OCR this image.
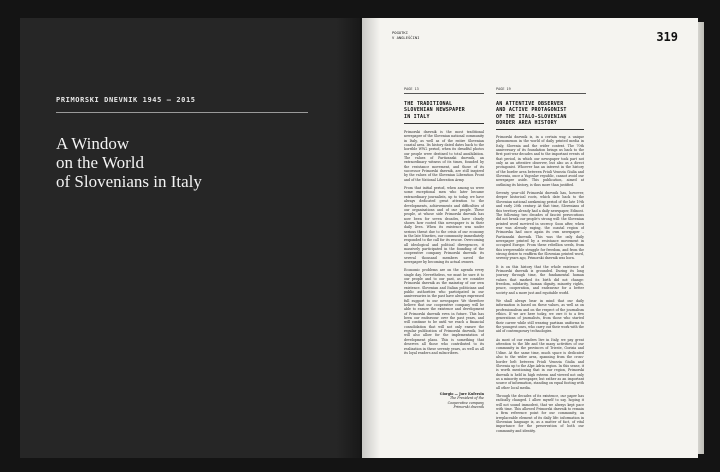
PRIMORSKI DNEVNIK 1945 – 2015
A Window
on the World
of Slovenians in Italy
POGOTKI
V ANGLEŠČINI	319
PAGE 13
THE TRADITIONAL
SLOVENIAN NEWSPAPER
IN ITALY

Primorski dnevnik is the most traditional newspaper of the Slovenian national community in Italy, as well as of the entire Slovenian coastal area. Its history dated dates back to the horrible WW2 period, when its dreadful photos our people were destined to total annihilation. The values of Partizanski dnevnik, an extraordinary witness of its times, founded by the resistance movement, and those of its successor Primorski dnevnik, are still inspired by the values of the Slovenian Liberation Front and of the National Liberation Army.

From that initial period, when among us were some exceptional men who later became extraordinary journalists, up to today, we have always dedicated great attention to the developments, achievements and difficulties of our organisations and of our people. These people, at whose side Primorski dnevnik has now been for seven decades, have clearly shown how rooted this newspaper is in their daily lives. When its existence was under serious threat due to the crisis of our economy in the late Nineties, our community immediately responded to the call for its rescue. Overcoming all ideological and political divergences, it massively participated in the founding of the cooperative company Primorski dnevnik: its several thousand members saved the newspaper by becoming its actual owners.

Economic problems are on the agenda every single day. Nevertheless, we must be sure it to our people and to our past, as we consider Primorski dnevnik as the mainstay of our own existence. Slovenian and Italian politicians and public authorities who participated in our anniversaries in the past have always expressed full support to our newspaper. We therefore believe that our cooperative company will be able to ensure the existence and development of Primorski dnevnik even in future. This has been our endeavour over the past years, and will continue to be until we reach a financial consolidation that will not only ensure the regular publication of Primorski dnevnik, but will also allow for the implementation of development plans. This is something that deserves all those who contributed to its realization in these seventy years, as well as all its loyal readers and subscribers.

Giorgio — Jure Kufersin
The President of the Cooperative company
Primorski dnevnik
PAGE 19
AN ATTENTIVE OBSERVER
AND ACTIVE PROTAGONIST
OF THE ITALO-SLOVENIAN
BORDER AREA HISTORY

Primorski dnevnik is, in a certain way, a unique phenomenon in the world of daily printed media in Italy, Slovenia and the wider context. The 70th anniversary of its foundation brings us back to the first post-war decades and to the important events of that period, in which our newspaper took part not only as an attentive observer, but also as a direct protagonist. Whoever has an interest in the history of the border area between Friuli Venezia Giulia and Slovenia, once a Yugoslav republic, cannot avoid our newspaper aside. This publication, aimed at outlining its history, is thus more than justified.

Seventy year-old Primorski dnevnik has, however, deeper historical roots, which date back to the Slovenian national awakening period of the late 19th and early 20th century. At that time, Slovenians of this territory already had a daily newspaper, Edinost. The following two decades of fascist persecutions did not break our people's strong will: the Slovenian printed word survived in secrecy. Soon after, when war was already raging, the coastal region of Primorska had once again its own newspaper – Partizanski dnevnik. This was the only daily newspaper printed by a resistance movement in occupied Europe. From these rebellion seeds, from this irrepressible struggle for freedom, and from the strong desire to reaffirm the Slovenian printed word, seventy years ago, Primorski dnevnik was born.

It is on this history that the whole existence of Primorski dnevnik is grounded. During its long journey through time, the fundamental human values that marked its birth did not change: freedom, solidarity, human dignity, minority rights, peace, cooperation, and endeavour for a better society and a more just and equitable world.

We shall always bear in mind that our daily information is based on these values, as well as on professionalism and on the respect of the journalism ethics. If we are here today, we owe it to a few generations of journalists, from those who started their career while still wearing partisan uniforms to the youngest ones, who carry out their work with the aid of contemporary technologies.

As most of our readers live in Italy, we pay great attention to the life and the many activities of our community in the provinces of Trieste, Gorizia and Udine. At the same time, much space is dedicated also to the wider area, spanning from the cross-border belt between Friuli Venezia Giulia and Slovenia up to the Alpe Adria region. In this sense, it is worth mentioning that in our region, Primorski dnevnik is held in high esteem and viewed not only as a minority newspaper, but rather as an important source of information, standing on equal footing with all other local media.

Through the decades of its existence, our paper has radically changed. I allow myself to say, hoping it will not sound immodest, that we always kept pace with time. This allowed Primorski dnevnik to remain a firm reference point for our community, an irreplaceable element of its daily life: information in Slovenian language is, as a matter of fact, of vital importance for the preservation of both our community and identity.
